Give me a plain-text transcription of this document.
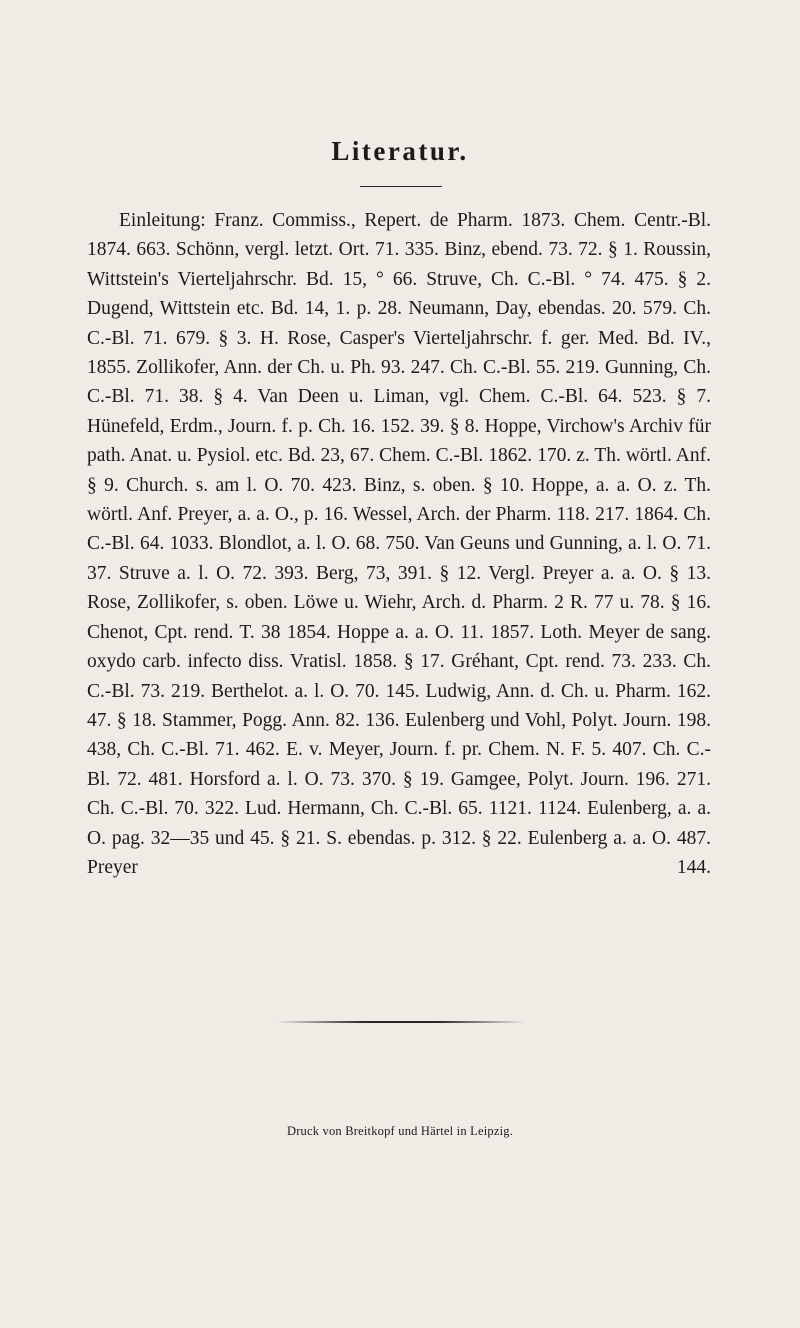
Literatur.

Einleitung: Franz. Commiss., Repert. de Pharm. 1873. Chem. Centr.-Bl. 1874. 663. Schönn, vergl. letzt. Ort. 71. 335. Binz, ebend. 73. 72. § 1. Roussin, Wittstein's Vierteljahrschr. Bd. 15, ° 66. Struve, Ch. C.-Bl. ° 74. 475. § 2. Dugend, Wittstein etc. Bd. 14, 1. p. 28. Neumann, Day, ebendas. 20. 579. Ch. C.-Bl. 71. 679. § 3. H. Rose, Casper's Vierteljahrschr. f. ger. Med. Bd. IV., 1855. Zollikofer, Ann. der Ch. u. Ph. 93. 247. Ch. C.-Bl. 55. 219. Gunning, Ch. C.-Bl. 71. 38. § 4. Van Deen u. Liman, vgl. Chem. C.-Bl. 64. 523. § 7. Hünefeld, Erdm., Journ. f. p. Ch. 16. 152. 39. § 8. Hoppe, Virchow's Archiv für path. Anat. u. Pysiol. etc. Bd. 23, 67. Chem. C.-Bl. 1862. 170. z. Th. wörtl. Anf. § 9. Church. s. am l. O. 70. 423. Binz, s. oben. § 10. Hoppe, a. a. O. z. Th. wörtl. Anf. Preyer, a. a. O., p. 16. Wessel, Arch. der Pharm. 118. 217. 1864. Ch. C.-Bl. 64. 1033. Blondlot, a. l. O. 68. 750. Van Geuns und Gunning, a. l. O. 71. 37. Struve a. l. O. 72. 393. Berg, 73, 391. § 12. Vergl. Preyer a. a. O. § 13. Rose, Zollikofer, s. oben. Löwe u. Wiehr, Arch. d. Pharm. 2 R. 77 u. 78. § 16. Chenot, Cpt. rend. T. 38 1854. Hoppe a. a. O. 11. 1857. Loth. Meyer de sang. oxydo carb. infecto diss. Vratisl. 1858. § 17. Gréhant, Cpt. rend. 73. 233. Ch. C.-Bl. 73. 219. Berthelot. a. l. O. 70. 145. Ludwig, Ann. d. Ch. u. Pharm. 162. 47. § 18. Stammer, Pogg. Ann. 82. 136. Eulenberg und Vohl, Polyt. Journ. 198. 438, Ch. C.-Bl. 71. 462. E. v. Meyer, Journ. f. pr. Chem. N. F. 5. 407. Ch. C.-Bl. 72. 481. Horsford a. l. O. 73. 370. § 19. Gamgee, Polyt. Journ. 196. 271. Ch. C.-Bl. 70. 322. Lud. Hermann, Ch. C.-Bl. 65. 1121. 1124. Eulenberg, a. a. O. pag. 32—35 und 45. § 21. S. ebendas. p. 312. § 22. Eulenberg a. a. O. 487. Preyer 144.

Druck von Breitkopf und Härtel in Leipzig.
